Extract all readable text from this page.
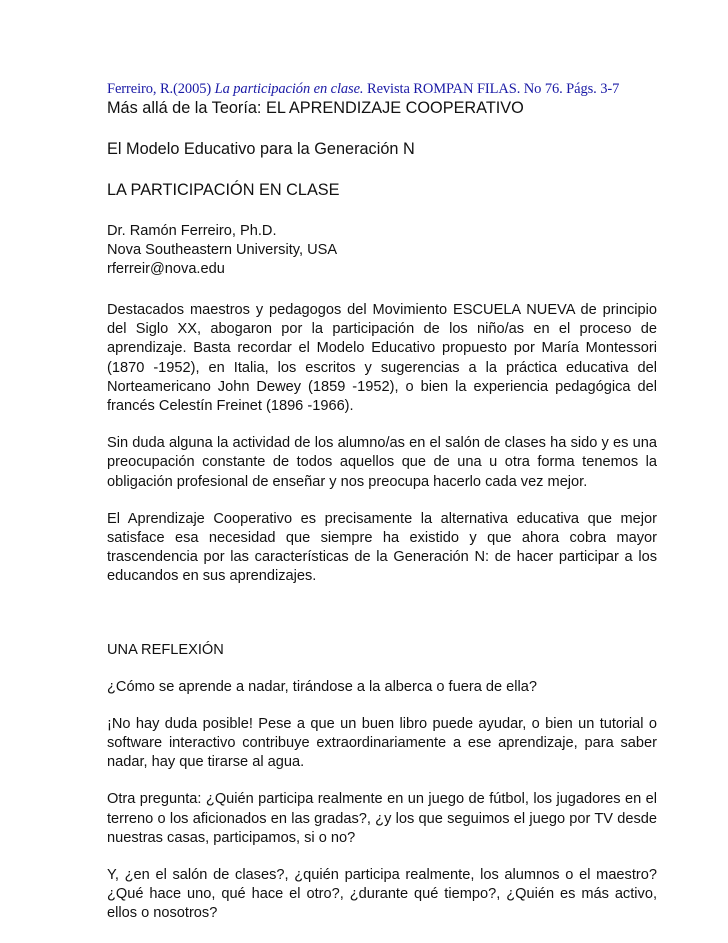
Ferreiro, R.(2005) La participación en clase. Revista ROMPAN FILAS. No 76. Págs. 3-7

Más allá de la Teoría: EL APRENDIZAJE COOPERATIVO

El Modelo Educativo para la Generación N

LA PARTICIPACIÓN EN CLASE

Dr. Ramón Ferreiro, Ph.D.

Nova Southeastern University, USA

rferreir@nova.edu

Destacados maestros y pedagogos del Movimiento ESCUELA NUEVA de principio del Siglo XX, abogaron por la participación de los niño/as en el proceso de aprendizaje. Basta recordar el Modelo Educativo propuesto por María Montessori (1870 -1952), en Italia, los escritos y sugerencias a la práctica educativa del Norteamericano John Dewey (1859 -1952), o bien la experiencia pedagógica del francés Celestín Freinet (1896 -1966).

Sin duda alguna la actividad de los alumno/as en el salón de clases ha sido y es una preocupación constante de todos aquellos que de una u otra forma tenemos la obligación profesional de enseñar y nos preocupa hacerlo cada vez mejor.

El Aprendizaje Cooperativo es precisamente la alternativa educativa que mejor satisface esa necesidad que siempre ha existido y que ahora cobra mayor trascendencia por las características de la Generación N: de hacer participar a los educandos en sus aprendizajes.

UNA REFLEXIÓN

¿Cómo se aprende a nadar, tirándose a la alberca o fuera de ella?

¡No hay duda posible! Pese a que un buen libro puede ayudar, o bien un tutorial o software interactivo contribuye extraordinariamente a ese aprendizaje, para saber nadar, hay que tirarse al agua.

Otra pregunta: ¿Quién participa realmente en un juego de fútbol, los jugadores en el terreno o los aficionados en las gradas?, ¿y los que seguimos el juego por TV desde nuestras casas, participamos, si o no?

Y, ¿en el salón de clases?, ¿quién participa realmente, los alumnos o el maestro? ¿Qué hace uno, qué hace el otro?, ¿durante qué tiempo?, ¿Quién es más activo, ellos o nosotros?
